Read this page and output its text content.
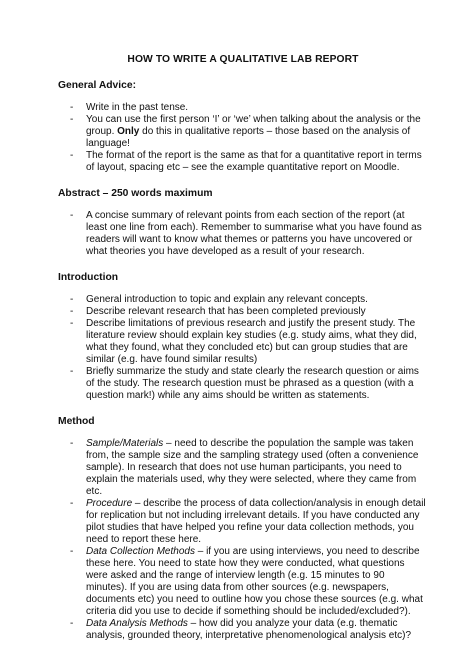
HOW TO WRITE A QUALITATIVE LAB REPORT
General Advice:
- Write in the past tense.
- You can use the first person ‘I’ or ‘we’ when talking about the analysis or the group. Only do this in qualitative reports – those based on the analysis of language!
- The format of the report is the same as that for a quantitative report in terms of layout, spacing etc – see the example quantitative report on Moodle.
Abstract – 250 words maximum
- A concise summary of relevant points from each section of the report (at least one line from each). Remember to summarise what you have found as readers will want to know what themes or patterns you have uncovered or what theories you have developed as a result of your research.
Introduction
- General introduction to topic and explain any relevant concepts.
- Describe relevant research that has been completed previously
- Describe limitations of previous research and justify the present study. The literature review should explain key studies (e.g. study aims, what they did, what they found, what they concluded etc) but can group studies that are similar (e.g. have found similar results)
- Briefly summarize the study and state clearly the research question or aims of the study. The research question must be phrased as a question (with a question mark!) while any aims should be written as statements.
Method
- Sample/Materials – need to describe the population the sample was taken from, the sample size and the sampling strategy used (often a convenience sample). In research that does not use human participants, you need to explain the materials used, why they were selected, where they came from etc.
- Procedure – describe the process of data collection/analysis in enough detail for replication but not including irrelevant details. If you have conducted any pilot studies that have helped you refine your data collection methods, you need to report these here.
- Data Collection Methods – if you are using interviews, you need to describe these here. You need to state how they were conducted, what questions were asked and the range of interview length (e.g. 15 minutes to 90 minutes). If you are using data from other sources (e.g. newspapers, documents etc) you need to outline how you chose these sources (e.g. what criteria did you use to decide if something should be included/excluded?).
- Data Analysis Methods – how did you analyze your data (e.g. thematic analysis, grounded theory, interpretative phenomenological analysis etc)?
